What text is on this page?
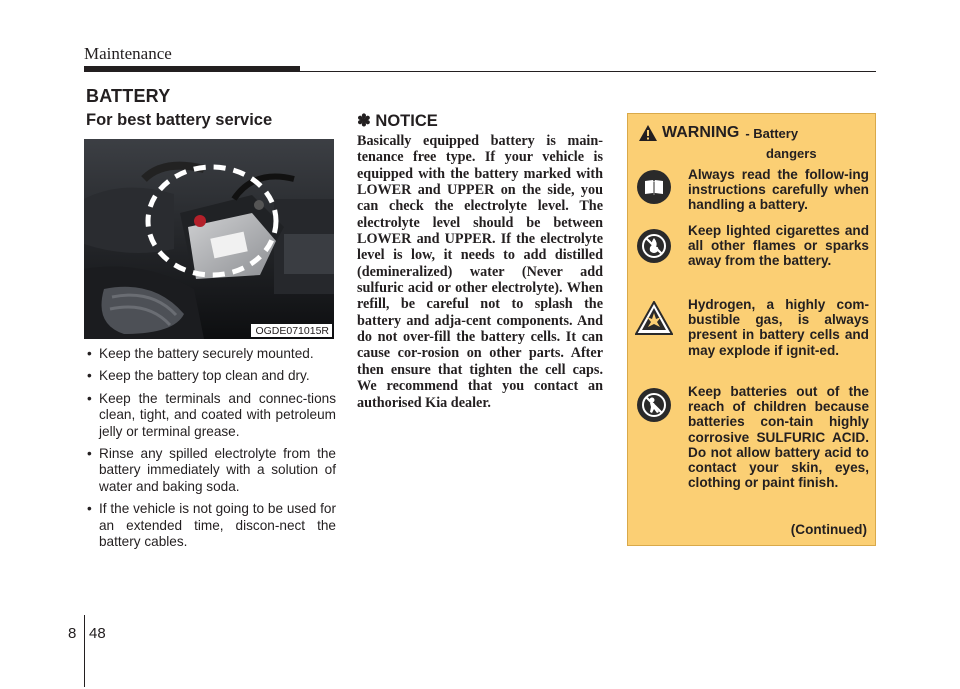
Maintenance
BATTERY
For best battery service
OGDE071015R
• Keep the battery securely mounted.
• Keep the battery top clean and dry.
• Keep the terminals and connec-tions clean, tight, and coated with petroleum jelly or terminal grease.
• Rinse any spilled electrolyte from the battery immediately with a solution of water and baking soda.
• If the vehicle is not going to be used for an extended time, discon-nect the battery cables.
✽ NOTICE
Basically equipped battery is main-tenance free type. If your vehicle is equipped with the battery marked with LOWER and UPPER on the side, you can check the electrolyte level. The electrolyte level should be between LOWER and UPPER. If the electrolyte level is low, it needs to add distilled (demineralized) water (Never add sulfuric acid or other electrolyte). When refill, be careful not to splash the battery and adja-cent components. And do not over-fill the battery cells. It can cause cor-rosion on other parts. After then ensure that tighten the cell caps. We recommend that you contact an authorised Kia dealer.
WARNING - Battery
dangers
Always read the follow-ing instructions carefully when handling a battery.
Keep lighted cigarettes and all other flames or sparks away from the battery.
Hydrogen, a highly com-bustible gas, is always present in battery cells and may explode if ignit-ed.
Keep batteries out of the reach of children because batteries con-tain highly corrosive SULFURIC ACID. Do not allow battery acid to contact your skin, eyes, clothing or paint finish.
(Continued)
8 48
